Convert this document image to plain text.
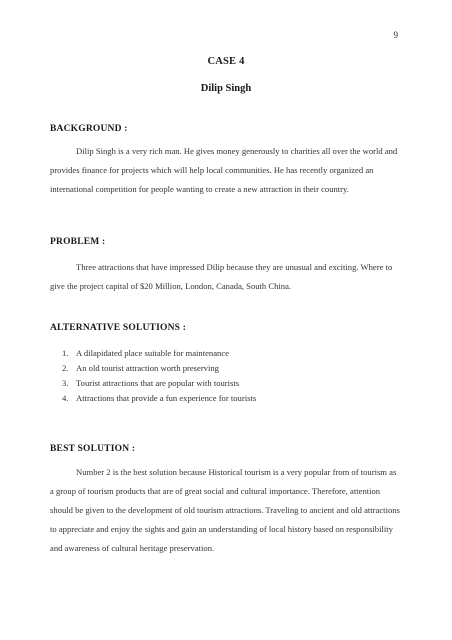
9
CASE 4
Dilip Singh
BACKGROUND :

Dilip Singh is a very rich man. He gives money generously to charities all over the world and provides finance for projects which will help local communities. He has recently organized an international competition for people wanting to create a new attraction in their country.

PROBLEM :

Three attractions that have impressed Dilip because they are unusual and exciting. Where to give the project capital of $20 Million, London, Canada, South China.

ALTERNATIVE SOLUTIONS :
1. A dilapidated place suitable for maintenance
2. An old tourist attraction worth preserving
3. Tourist attractions that are popular with tourists
4. Attractions that provide a fun experience for tourists
BEST SOLUTION :

Number 2 is the best solution because Historical tourism is a very popular from of tourism as a group of tourism products that are of great social and cultural importance. Therefore, attention should be given to the development of old tourism attractions. Traveling to ancient and old attractions to appreciate and enjoy the sights and gain an understanding of local history based on responsibility and awareness of cultural heritage preservation.
